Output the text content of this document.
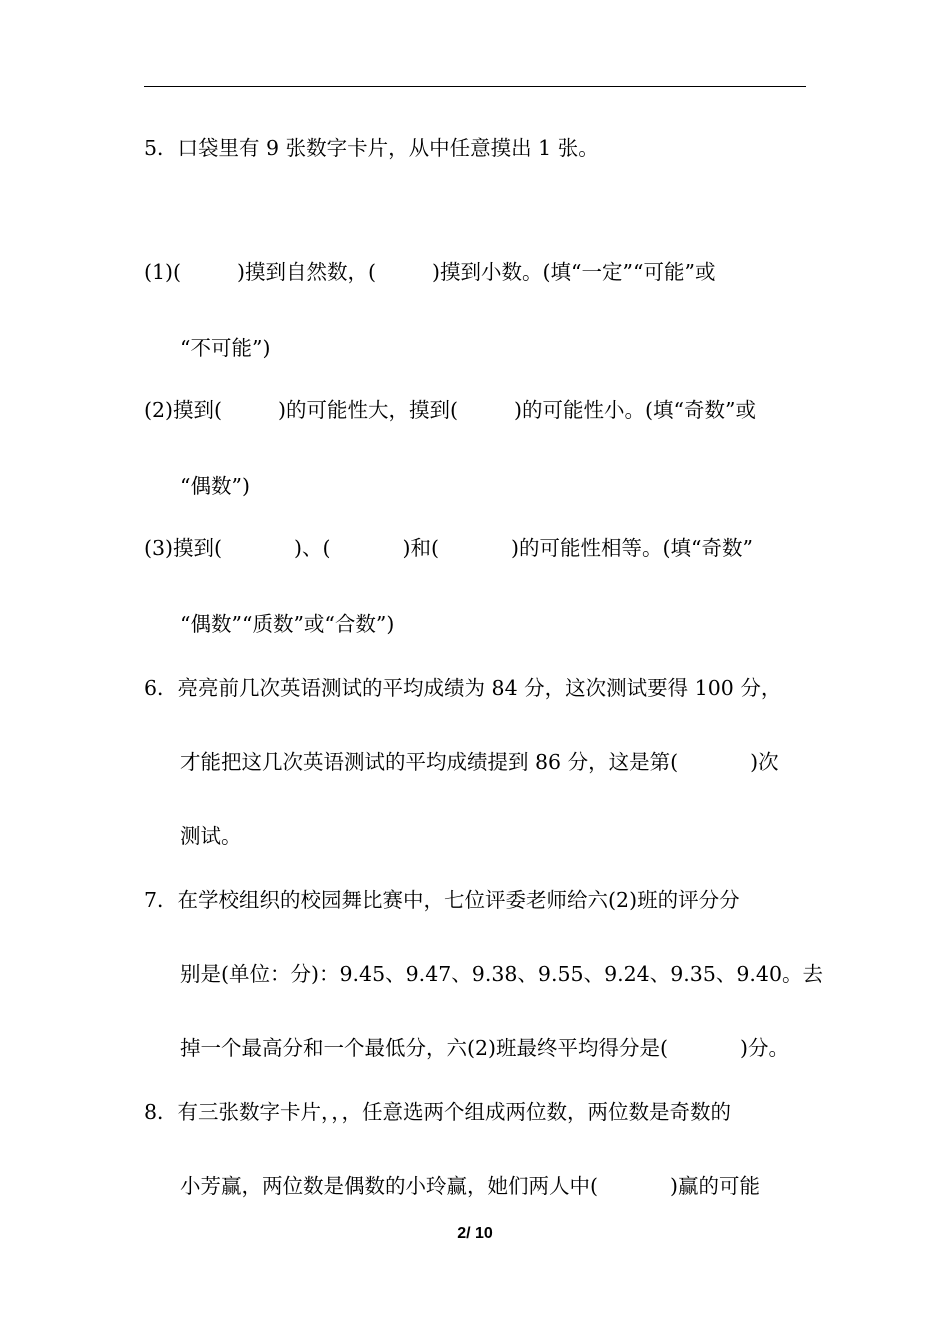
5．口袋里有 9 张数字卡片，从中任意摸出 1 张。
(1)(	)摸到自然数，(	)摸到小数。(填“一定”“可能”或
“不可能”)
(2)摸到(	)的可能性大，摸到(	)的可能性小。(填“奇数”或
“偶数”)
(3)摸到(	)、(	)和(	)的可能性相等。(填“奇数”
“偶数”“质数”或“合数”)
6．亮亮前几次英语测试的平均成绩为 84 分，这次测试要得 100 分，
才能把这几次英语测试的平均成绩提到 86 分，这是第(	)次
测试。
7．在学校组织的校园舞比赛中，七位评委老师给六(2)班的评分分
别是(单位：分)：9.45、9.47、9.38、9.55、9.24、9.35、9.40。去
掉一个最高分和一个最低分，六(2)班最终平均得分是(	)分。
8．有三张数字卡片，，，任意选两个组成两位数，两位数是奇数的
小芳赢，两位数是偶数的小玲赢，她们两人中(	)赢的可能
2/ 10
